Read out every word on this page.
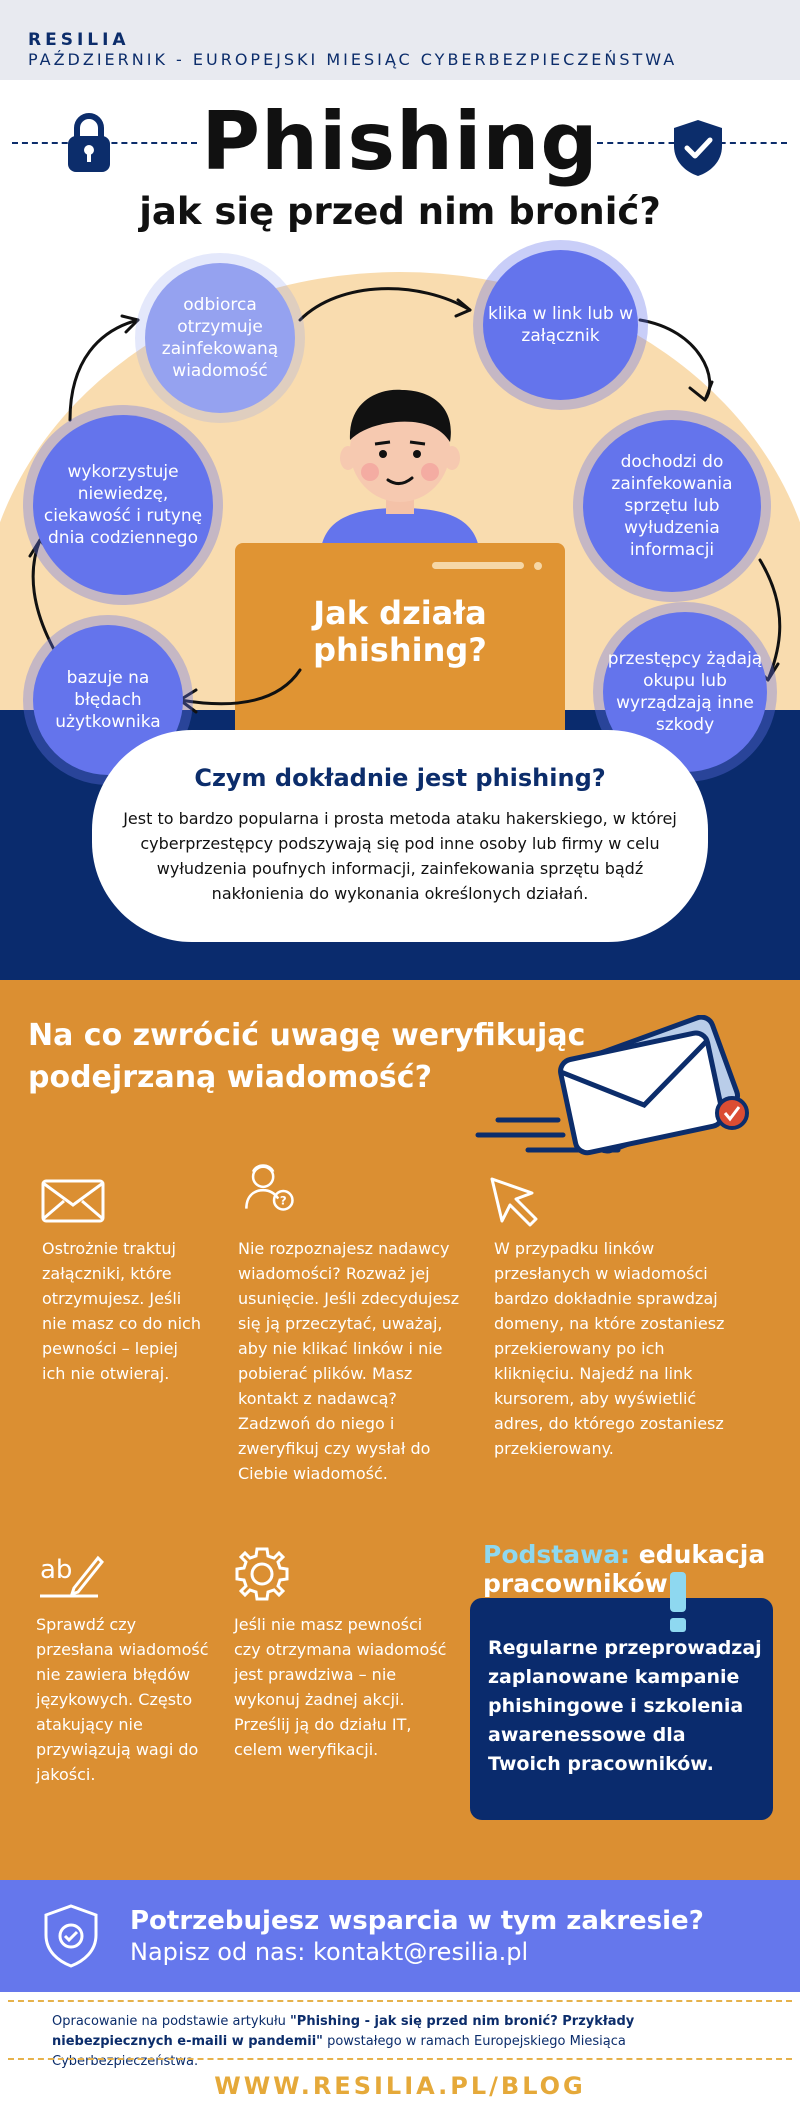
RESILIA
PAŹDZIERNIK - EUROPEJSKI MIESIĄC CYBERBEZPIECZEŃSTWA
Phishing
jak się przed nim bronić?
Jak działa phishing?
odbiorca otrzymuje zainfekowaną wiadomość
klika w link lub w załącznik
dochodzi do zainfekowania sprzętu lub wyłudzenia informacji
przestępcy żądają okupu lub wyrządzają inne szkody
bazuje na błędach użytkownika
wykorzystuje niewiedzę, ciekawość i rutynę dnia codziennego
Czym dokładnie jest phishing?
Jest to bardzo popularna i prosta metoda ataku hakerskiego, w której cyberprzestępcy podszywają się pod inne osoby lub firmy w celu wyłudzenia poufnych informacji, zainfekowania sprzętu bądź nakłonienia do wykonania określonych działań.
Na co zwrócić uwagę weryfikując podejrzaną wiadomość?
?
ab
Ostrożnie traktuj załączniki, które otrzymujesz. Jeśli nie masz co do nich pewności – lepiej ich nie otwieraj.
Nie rozpoznajesz nadawcy wiadomości? Rozważ jej usunięcie. Jeśli zdecydujesz się ją przeczytać, uważaj, aby nie klikać linków i nie pobierać plików. Masz kontakt z nadawcą? Zadzwoń do niego i zweryfikuj czy wysłał do Ciebie wiadomość.
W przypadku linków przesłanych w wiadomości bardzo dokładnie sprawdzaj domeny, na które zostaniesz przekierowany po ich kliknięciu. Najedź na link kursorem, aby wyświetlić adres, do którego zostaniesz przekierowany.
Sprawdź czy przesłana wiadomość nie zawiera błędów językowych. Często atakujący nie przywiązują wagi do jakości.
Jeśli nie masz pewności czy otrzymana wiadomość jest prawdziwa – nie wykonuj żadnej akcji. Prześlij ją do działu IT, celem weryfikacji.
Podstawa: edukacja pracowników
Regularne przeprowadzaj zaplanowane kampanie phishingowe i szkolenia awarenessowe dla Twoich pracowników.
Potrzebujesz wsparcia w tym zakresie?
Napisz od nas: kontakt@resilia.pl
Opracowanie na podstawie artykułu "Phishing - jak się przed nim bronić? Przykłady niebezpiecznych e-maili w pandemii" powstałego w ramach Europejskiego Miesiąca Cyberbezpieczeństwa.
WWW.RESILIA.PL/BLOG
